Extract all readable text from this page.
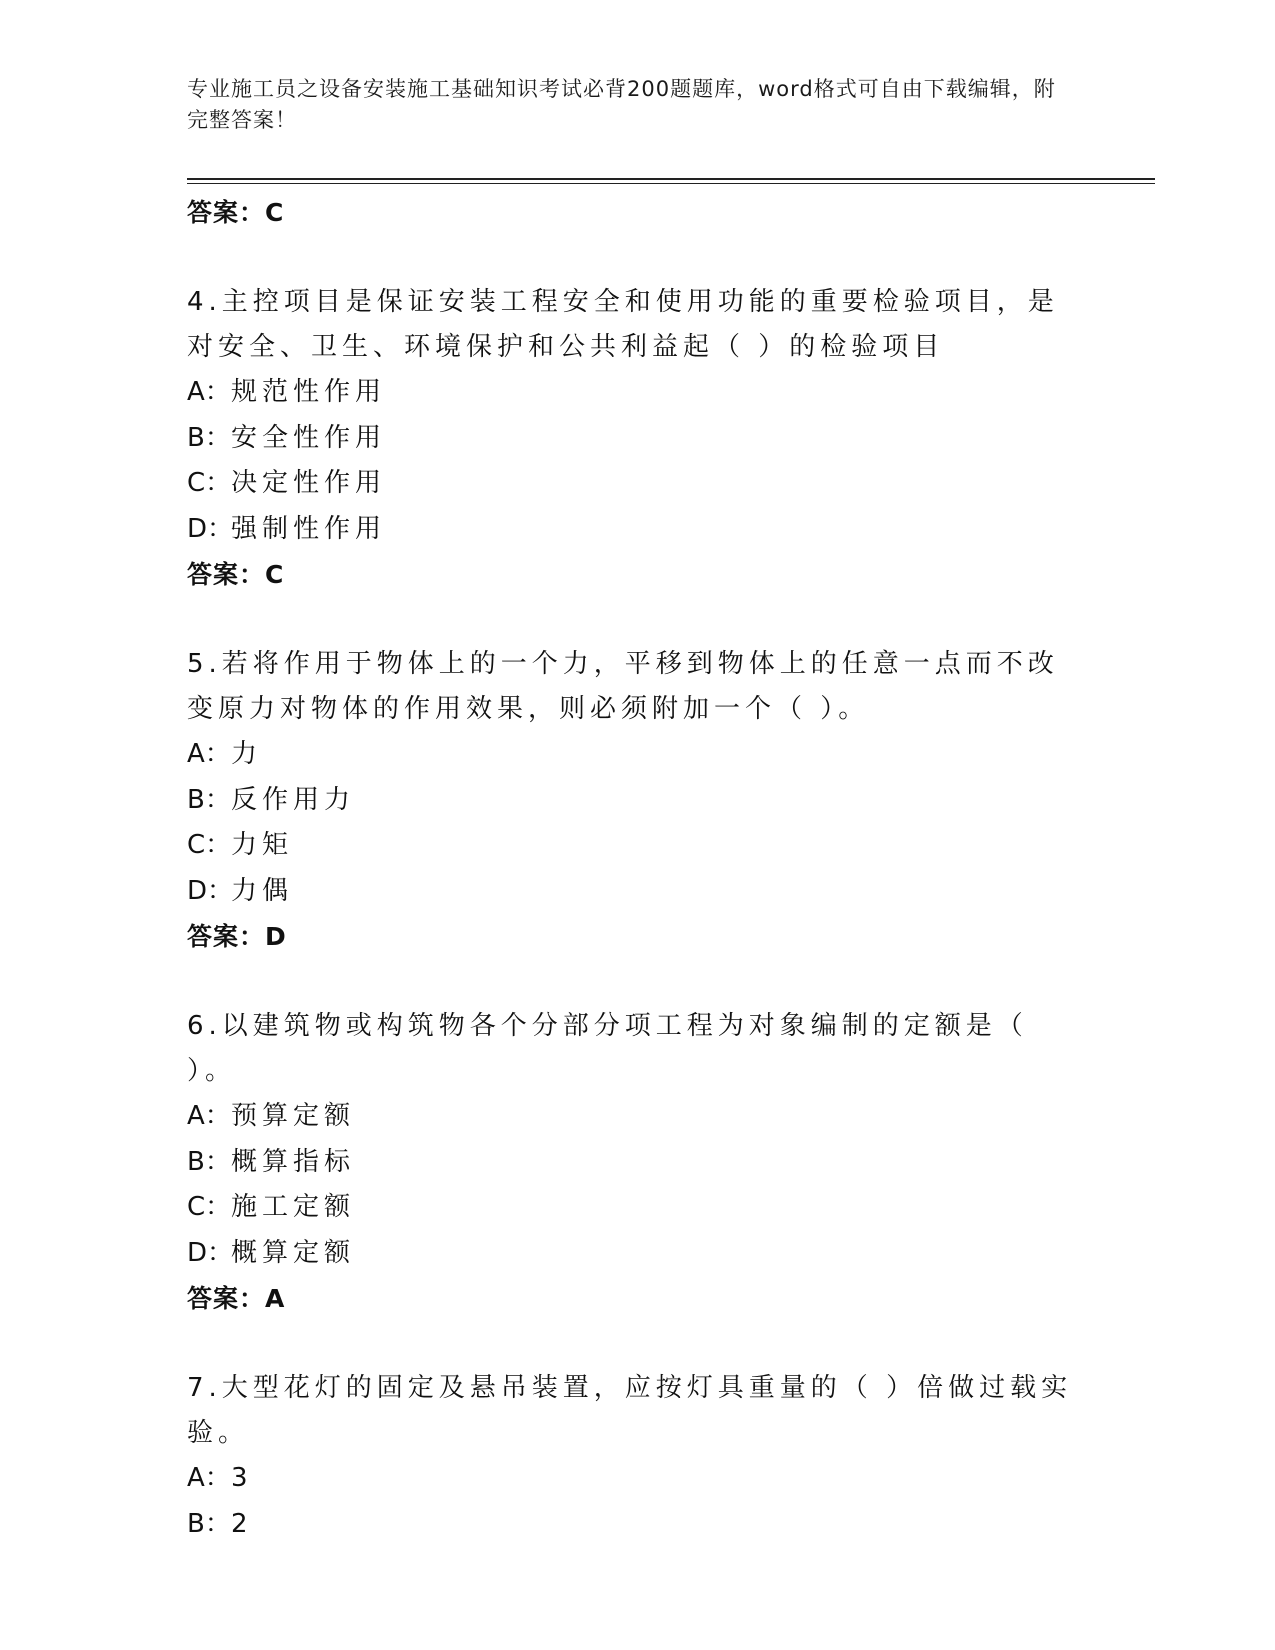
专业施工员之设备安装施工基础知识考试必背200题题库，word格式可自由下载编辑，附完整答案！
答案：C
4.主控项目是保证安装工程安全和使用功能的重要检验项目，是对安全、卫生、环境保护和公共利益起（ ）的检验项目
A：规范性作用
B：安全性作用
C：决定性作用
D：强制性作用
答案：C
5.若将作用于物体上的一个力，平移到物体上的任意一点而不改变原力对物体的作用效果，则必须附加一个（ ）。
A：力
B：反作用力
C：力矩
D：力偶
答案：D
6.以建筑物或构筑物各个分部分项工程为对象编制的定额是（ ）。
A：预算定额
B：概算指标
C：施工定额
D：概算定额
答案：A
7.大型花灯的固定及悬吊装置，应按灯具重量的（ ）倍做过载实验。
A：3
B：2
